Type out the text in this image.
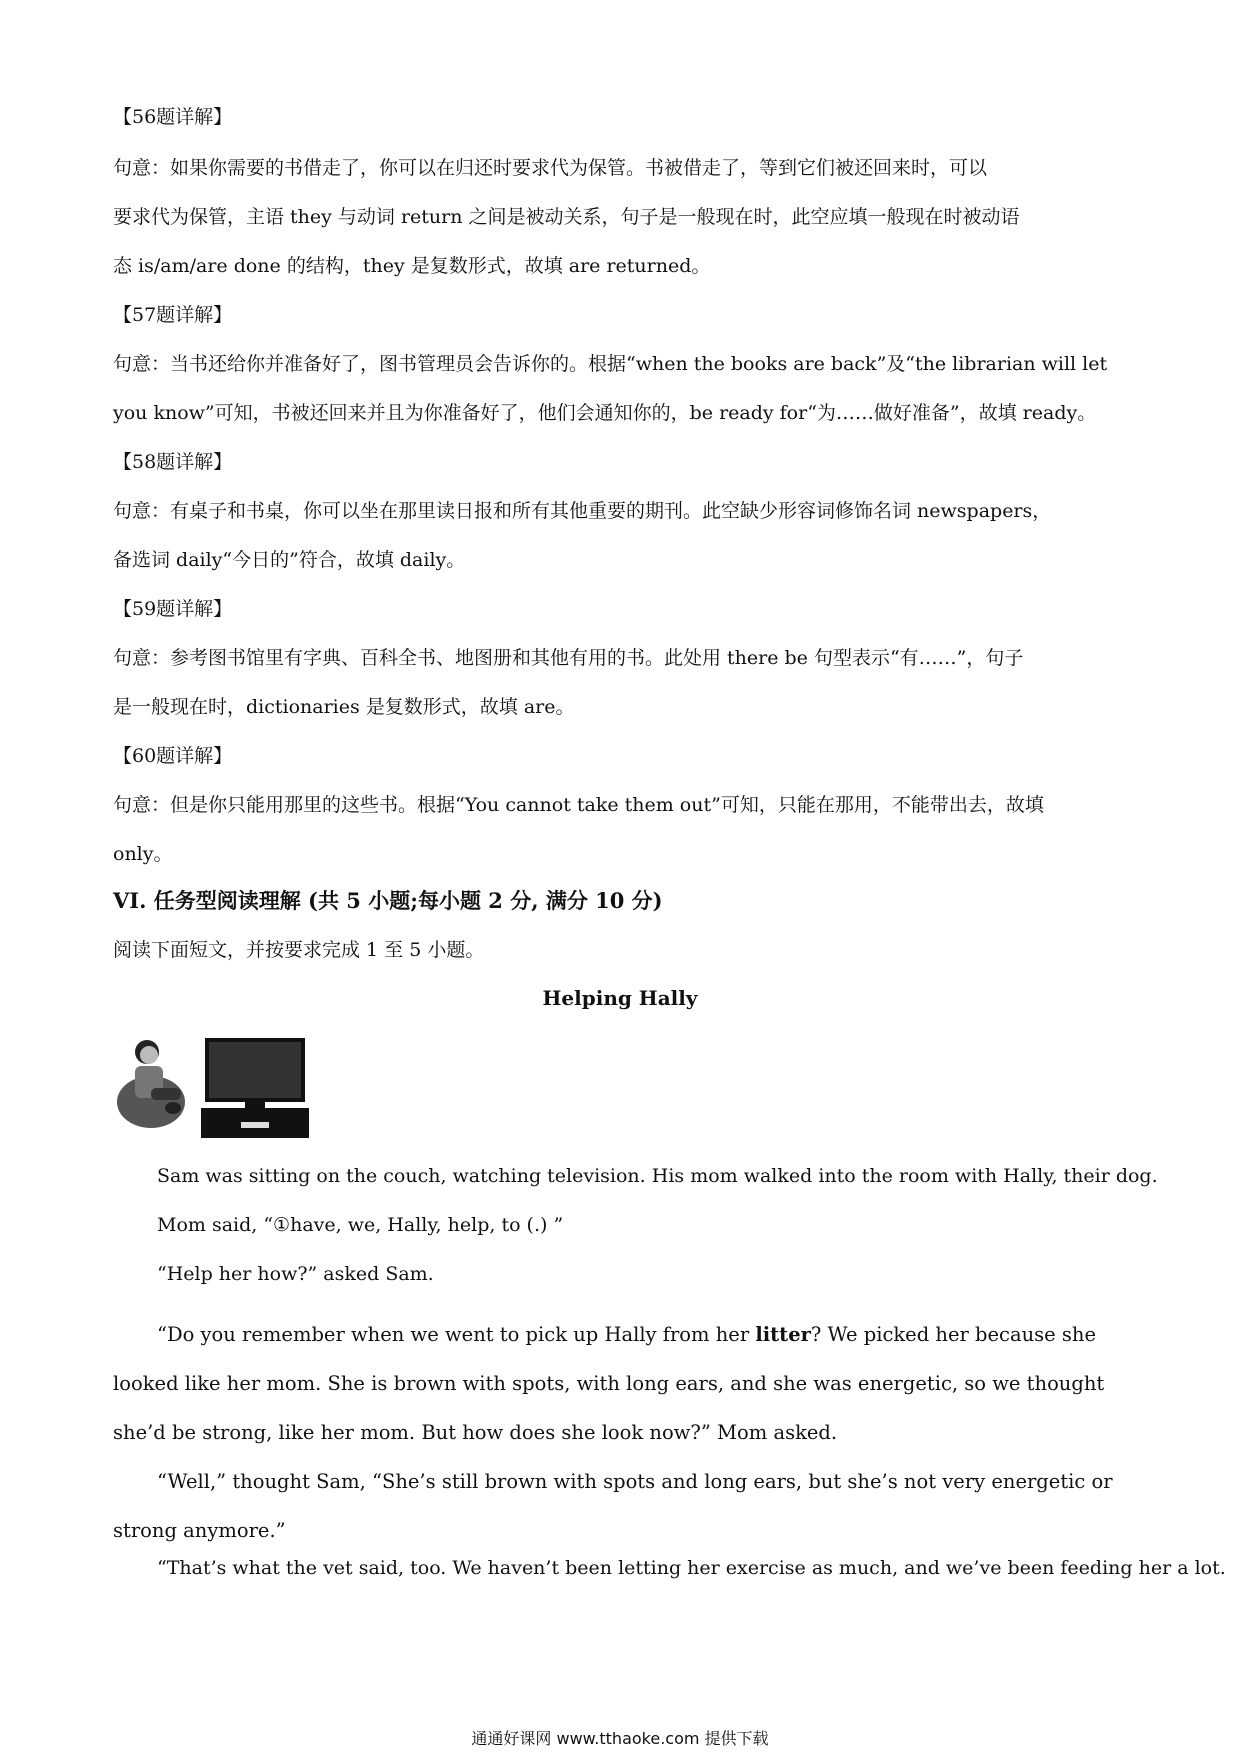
【56题详解】
句意：如果你需要的书借走了，你可以在归还时要求代为保管。书被借走了，等到它们被还回来时，可以
要求代为保管，主语 they 与动词 return 之间是被动关系，句子是一般现在时，此空应填一般现在时被动语
态 is/am/are done 的结构，they 是复数形式，故填 are returned。
【57题详解】
句意：当书还给你并准备好了，图书管理员会告诉你的。根据“when the books are back”及“the librarian will let
you know”可知，书被还回来并且为你准备好了，他们会通知你的，be ready for“为……做好准备”，故填 ready。
【58题详解】
句意：有桌子和书桌，你可以坐在那里读日报和所有其他重要的期刊。此空缺少形容词修饰名词 newspapers，
备选词 daily“今日的”符合，故填 daily。
【59题详解】
句意：参考图书馆里有字典、百科全书、地图册和其他有用的书。此处用 there be 句型表示“有……”，句子
是一般现在时，dictionaries 是复数形式，故填 are。
【60题详解】
句意：但是你只能用那里的这些书。根据“You cannot take them out”可知，只能在那用，不能带出去，故填
only。
VI. 任务型阅读理解 (共 5 小题;每小题 2 分, 满分 10 分)
阅读下面短文，并按要求完成 1 至 5 小题。
Helping Hally
Sam was sitting on the couch, watching television. His mom walked into the room with Hally, their dog.
Mom said, “①have, we, Hally, help, to (.) ”
“Help her how?” asked Sam.
“Do you remember when we went to pick up Hally from her litter? We picked her because she looked like her mom. She is brown with spots, with long ears, and she was energetic, so we thought she’d be strong, like her mom. But how does she look now?” Mom asked.
“Well,” thought Sam, “She’s still brown with spots and long ears, but she’s not very energetic or strong anymore.”
“That’s what the vet said, too. We haven’t been letting her exercise as much, and we’ve been feeding her a lot.
通通好课网 www.tthaoke.com 提供下载
